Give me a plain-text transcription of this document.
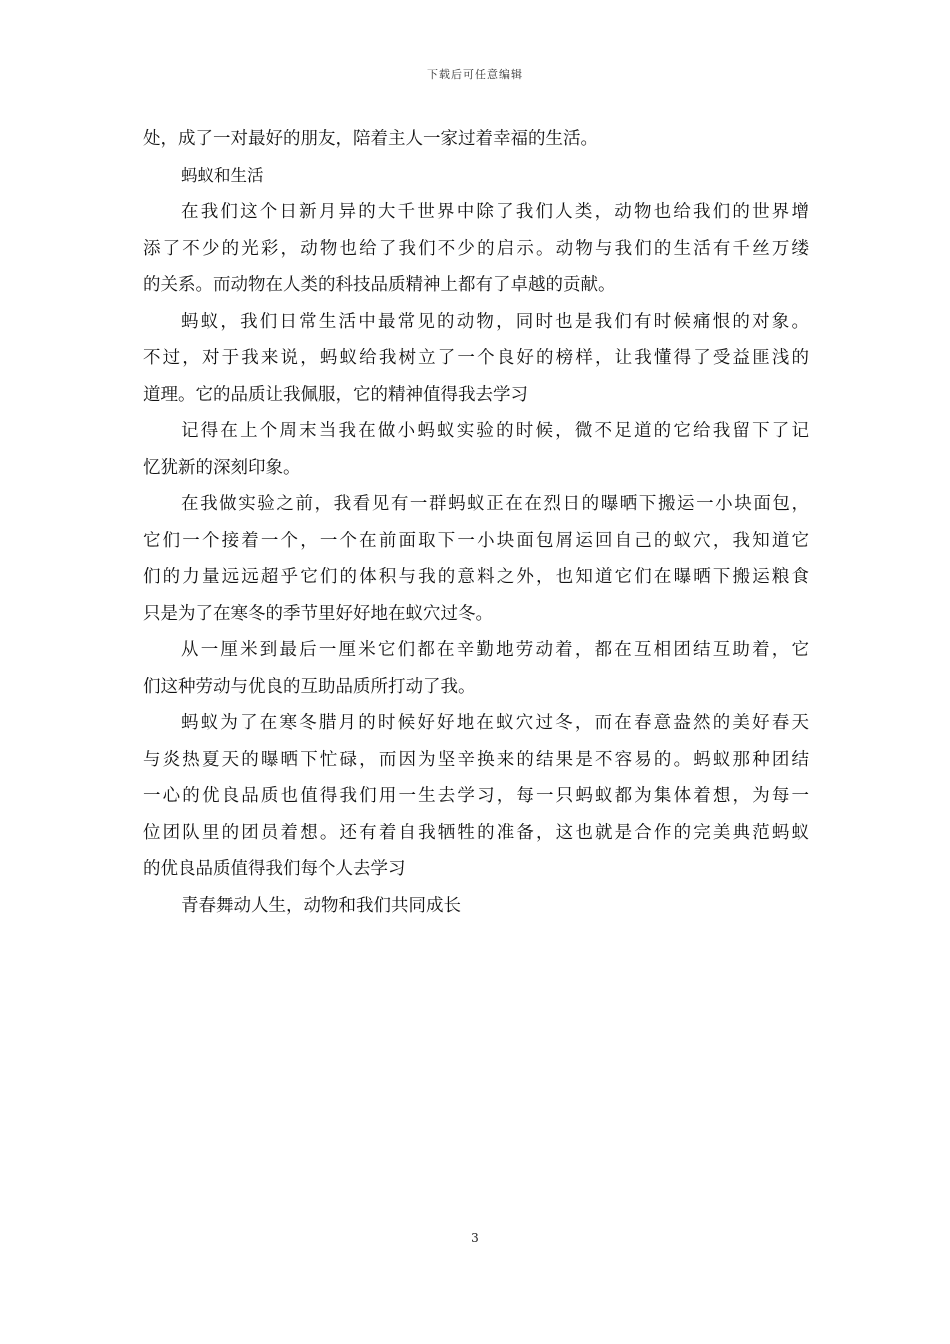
下载后可任意编辑
处，成了一对最好的朋友，陪着主人一家过着幸福的生活。
蚂蚁和生活
在我们这个日新月异的大千世界中除了我们人类，动物也给我们的世界增
添了不少的光彩，动物也给了我们不少的启示。动物与我们的生活有千丝万缕
的关系。而动物在人类的科技品质精神上都有了卓越的贡献。
蚂蚁，我们日常生活中最常见的动物，同时也是我们有时候痛恨的对象。
不过，对于我来说，蚂蚁给我树立了一个良好的榜样，让我懂得了受益匪浅的
道理。它的品质让我佩服，它的精神值得我去学习
记得在上个周末当我在做小蚂蚁实验的时候，微不足道的它给我留下了记
忆犹新的深刻印象。
在我做实验之前，我看见有一群蚂蚁正在在烈日的曝晒下搬运一小块面包，
它们一个接着一个，一个在前面取下一小块面包屑运回自己的蚁穴，我知道它
们的力量远远超乎它们的体积与我的意料之外，也知道它们在曝晒下搬运粮食
只是为了在寒冬的季节里好好地在蚁穴过冬。
从一厘米到最后一厘米它们都在辛勤地劳动着，都在互相团结互助着，它
们这种劳动与优良的互助品质所打动了我。
蚂蚁为了在寒冬腊月的时候好好地在蚁穴过冬，而在春意盎然的美好春天
与炎热夏天的曝晒下忙碌，而因为坚辛换来的结果是不容易的。蚂蚁那种团结
一心的优良品质也值得我们用一生去学习，每一只蚂蚁都为集体着想，为每一
位团队里的团员着想。还有着自我牺牲的准备，这也就是合作的完美典范蚂蚁
的优良品质值得我们每个人去学习
青春舞动人生，动物和我们共同成长
3
